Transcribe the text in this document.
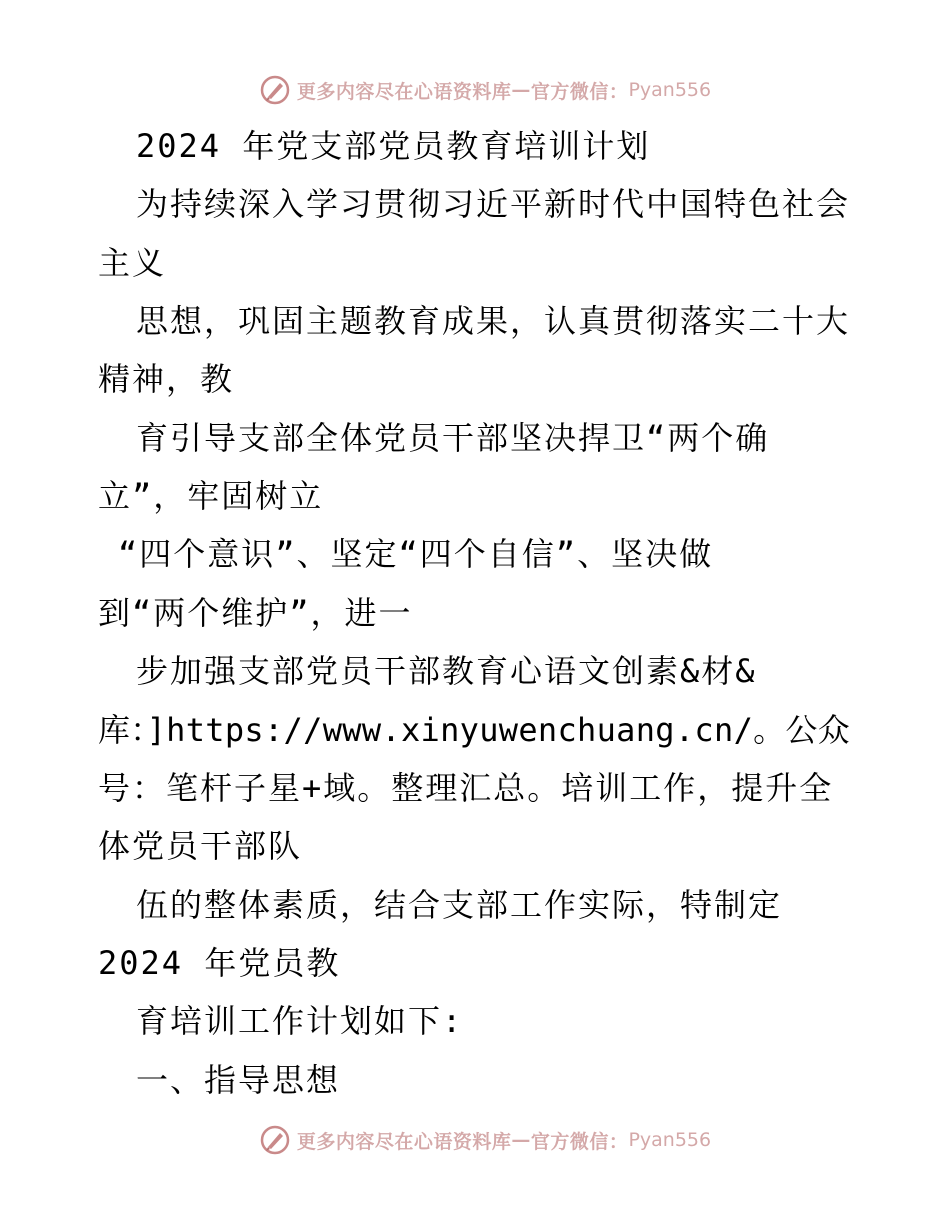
更多内容尽在心语资料库 — 官方微信： Pyan556
2024 年党支部党员教育培训计划
为持续深入学习贯彻习近平新时代中国特色社会
主义
思想，巩固主题教育成果，认真贯彻落实二十大
精神，教
育引导支部全体党员干部坚决捍卫“两个确
立”，牢固树立
“四个意识”、坚定“四个自信”、坚决做
到“两个维护”，进一
步加强支部党员干部教育心语文创素&材&
库：]https://www.xinyuwenchuang.cn/。公众
号：笔杆子星+域。整理汇总。培训工作，提升全
体党员干部队
伍的整体素质，结合支部工作实际，特制定
2024 年党员教
育培训工作计划如下:
一、指导思想
更多内容尽在心语资料库 — 官方微信： Pyan556
